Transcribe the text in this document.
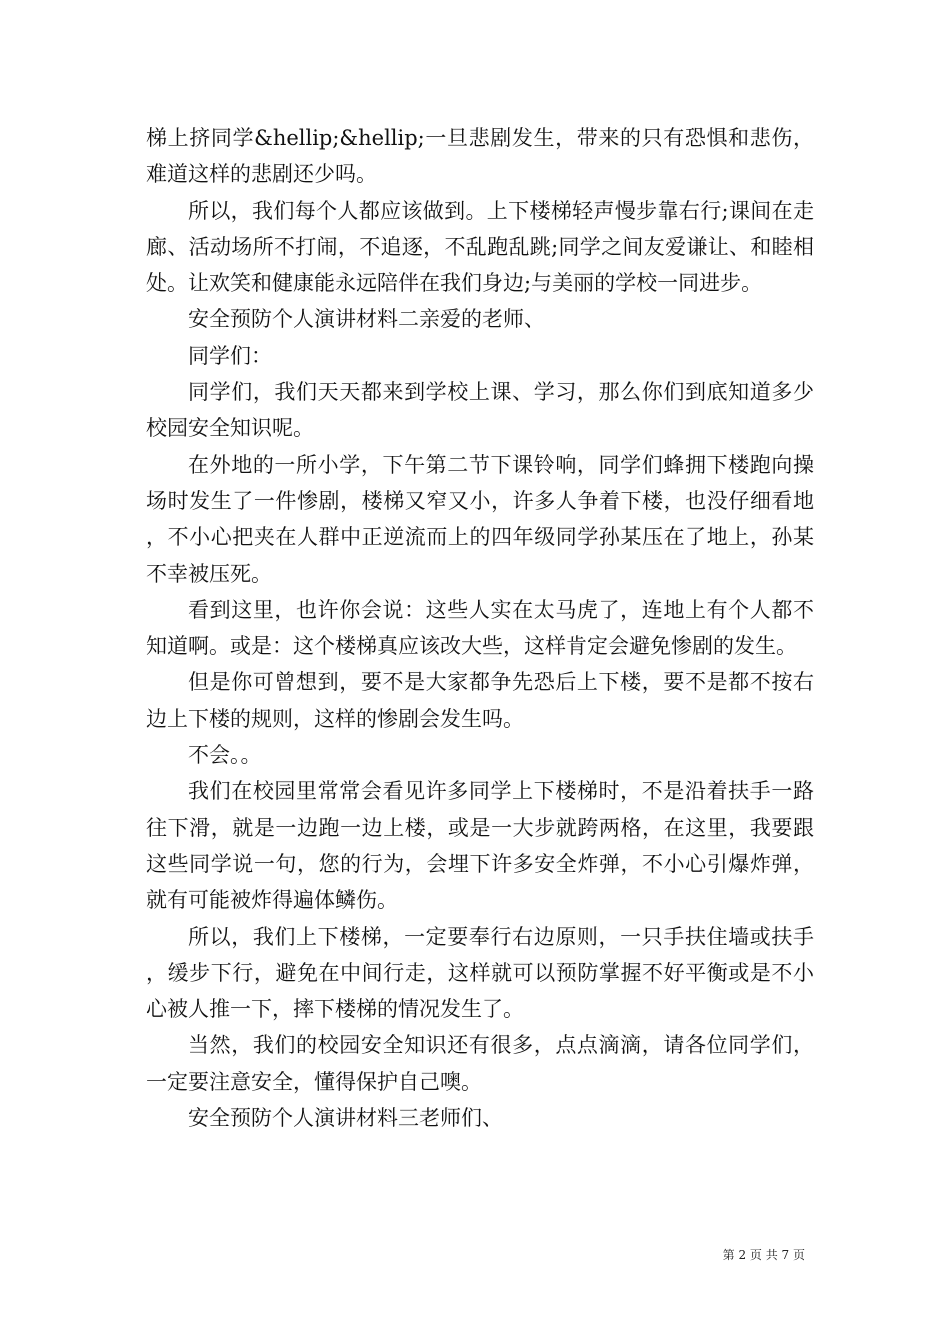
梯上挤同学&hellip;&hellip;一旦悲剧发生，带来的只有恐惧和悲伤，难道这样的悲剧还少吗。

所以，我们每个人都应该做到。上下楼梯轻声慢步靠右行;课间在走廊、活动场所不打闹，不追逐，不乱跑乱跳;同学之间友爱谦让、和睦相处。让欢笑和健康能永远陪伴在我们身边;与美丽的学校一同进步。

安全预防个人演讲材料二亲爱的老师、

同学们：

同学们，我们天天都来到学校上课、学习，那么你们到底知道多少校园安全知识呢。

在外地的一所小学，下午第二节下课铃响，同学们蜂拥下楼跑向操场时发生了一件惨剧，楼梯又窄又小，许多人争着下楼，也没仔细看地，不小心把夹在人群中正逆流而上的四年级同学孙某压在了地上，孙某不幸被压死。

看到这里，也许你会说：这些人实在太马虎了，连地上有个人都不知道啊。或是：这个楼梯真应该改大些，这样肯定会避免惨剧的发生。

但是你可曾想到，要不是大家都争先恐后上下楼，要不是都不按右边上下楼的规则，这样的惨剧会发生吗。

不会。。

我们在校园里常常会看见许多同学上下楼梯时，不是沿着扶手一路往下滑，就是一边跑一边上楼，或是一大步就跨两格，在这里，我要跟这些同学说一句，您的行为，会埋下许多安全炸弹，不小心引爆炸弹，就有可能被炸得遍体鳞伤。

所以，我们上下楼梯，一定要奉行右边原则，一只手扶住墙或扶手，缓步下行，避免在中间行走，这样就可以预防掌握不好平衡或是不小心被人推一下，摔下楼梯的情况发生了。

当然，我们的校园安全知识还有很多，点点滴滴，请各位同学们，一定要注意安全，懂得保护自己噢。

安全预防个人演讲材料三老师们、

第 2 页 共 7 页
